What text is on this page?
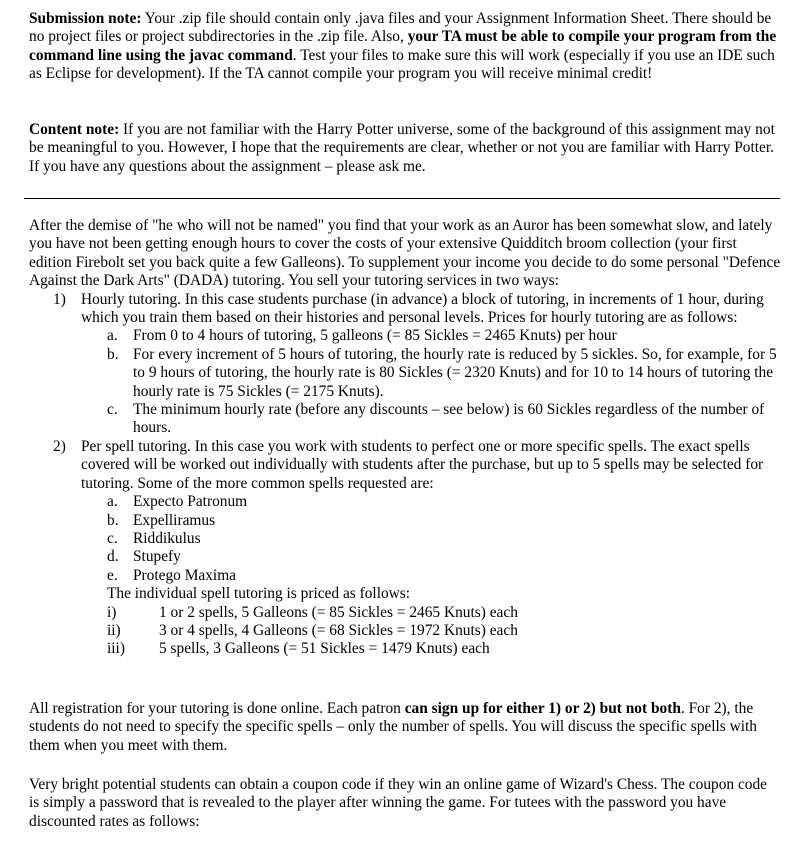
Submission note: Your .zip file should contain only .java files and your Assignment Information Sheet. There should be no project files or project subdirectories in the .zip file. Also, your TA must be able to compile your program from the command line using the javac command. Test your files to make sure this will work (especially if you use an IDE such as Eclipse for development). If the TA cannot compile your program you will receive minimal credit!

Content note: If you are not familiar with the Harry Potter universe, some of the background of this assignment may not be meaningful to you. However, I hope that the requirements are clear, whether or not you are familiar with Harry Potter. If you have any questions about the assignment – please ask me.

After the demise of "he who will not be named" you find that your work as an Auror has been somewhat slow, and lately you have not been getting enough hours to cover the costs of your extensive Quidditch broom collection (your first edition Firebolt set you back quite a few Galleons). To supplement your income you decide to do some personal "Defence Against the Dark Arts" (DADA) tutoring. You sell your tutoring services in two ways:

1) Hourly tutoring. In this case students purchase (in advance) a block of tutoring, in increments of 1 hour, during which you train them based on their histories and personal levels. Prices for hourly tutoring are as follows:

a. From 0 to 4 hours of tutoring, 5 galleons (= 85 Sickles = 2465 Knuts) per hour

b. For every increment of 5 hours of tutoring, the hourly rate is reduced by 5 sickles. So, for example, for 5 to 9 hours of tutoring, the hourly rate is 80 Sickles (= 2320 Knuts) and for 10 to 14 hours of tutoring the hourly rate is 75 Sickles (= 2175 Knuts).

c. The minimum hourly rate (before any discounts – see below) is 60 Sickles regardless of the number of hours.

2) Per spell tutoring. In this case you work with students to perfect one or more specific spells. The exact spells covered will be worked out individually with students after the purchase, but up to 5 spells may be selected for tutoring. Some of the more common spells requested are:

a. Expecto Patronum

b. Expelliramus

c. Riddikulus

d. Stupefy

e. Protego Maxima

The individual spell tutoring is priced as follows:

i)	1 or 2 spells, 5 Galleons (= 85 Sickles = 2465 Knuts) each

ii) 3 or 4 spells, 4 Galleons (= 68 Sickles = 1972 Knuts) each

iii) 5 spells, 3 Galleons (= 51 Sickles = 1479 Knuts) each

All registration for your tutoring is done online. Each patron can sign up for either 1) or 2) but not both. For 2), the students do not need to specify the specific spells – only the number of spells. You will discuss the specific spells with them when you meet with them.

Very bright potential students can obtain a coupon code if they win an online game of Wizard's Chess. The coupon code is simply a password that is revealed to the player after winning the game. For tutees with the password you have discounted rates as follows:
